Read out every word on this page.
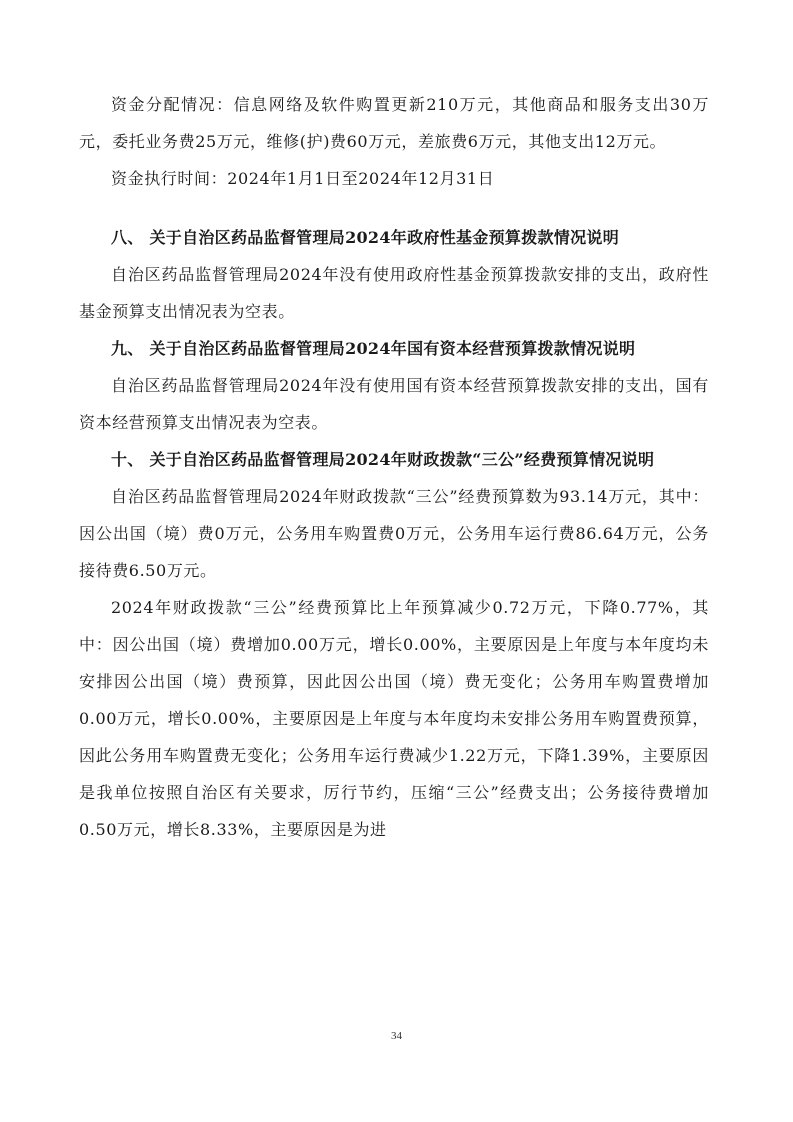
资金分配情况：信息网络及软件购置更新210万元，其他商品和服务支出30万元，委托业务费25万元，维修(护)费60万元，差旅费6万元，其他支出12万元。

资金执行时间：2024年1月1日至2024年12月31日

八、 关于自治区药品监督管理局2024年政府性基金预算拨款情况说明

自治区药品监督管理局2024年没有使用政府性基金预算拨款安排的支出，政府性基金预算支出情况表为空表。

九、 关于自治区药品监督管理局2024年国有资本经营预算拨款情况说明

自治区药品监督管理局2024年没有使用国有资本经营预算拨款安排的支出，国有资本经营预算支出情况表为空表。

十、 关于自治区药品监督管理局2024年财政拨款“三公”经费预算情况说明

自治区药品监督管理局2024年财政拨款“三公”经费预算数为93.14万元，其中：因公出国（境）费0万元，公务用车购置费0万元，公务用车运行费86.64万元，公务接待费6.50万元。

2024年财政拨款“三公”经费预算比上年预算减少0.72万元，下降0.77%，其中：因公出国（境）费增加0.00万元，增长0.00%，主要原因是上年度与本年度均未安排因公出国（境）费预算，因此因公出国（境）费无变化；公务用车购置费增加0.00万元，增长0.00%，主要原因是上年度与本年度均未安排公务用车购置费预算，因此公务用车购置费无变化；公务用车运行费减少1.22万元，下降1.39%，主要原因是我单位按照自治区有关要求，厉行节约，压缩“三公”经费支出；公务接待费增加0.50万元，增长8.33%，主要原因是为进

34
